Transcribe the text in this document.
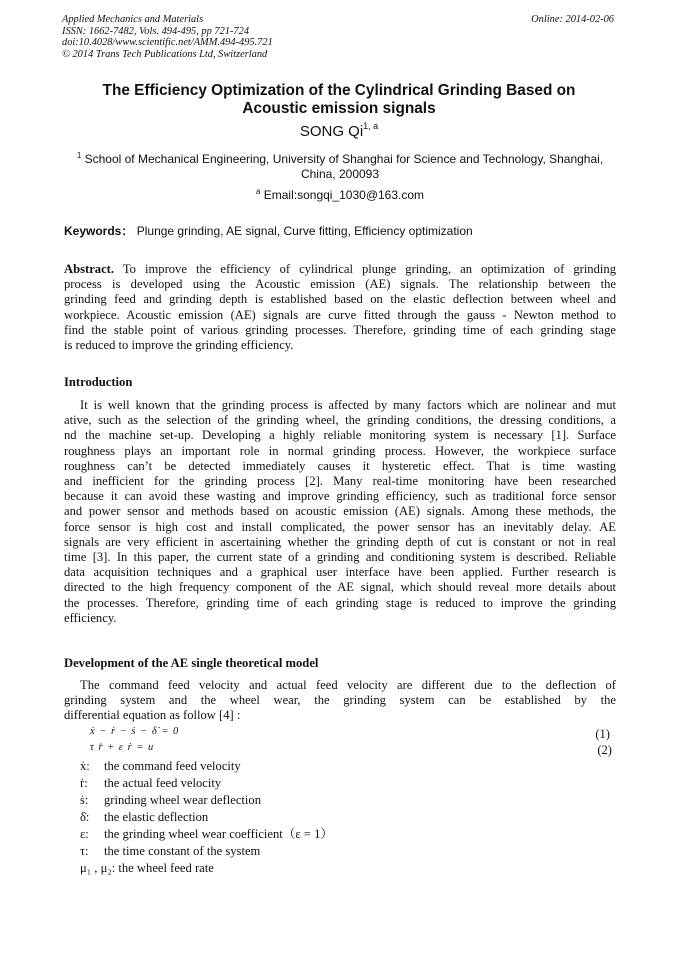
Applied Mechanics and Materials
ISSN: 1662-7482, Vols. 494-495, pp 721-724
doi:10.4028/www.scientific.net/AMM.494-495.721
© 2014 Trans Tech Publications Ltd, Switzerland
Online: 2014-02-06
The Efficiency Optimization of the Cylindrical Grinding Based on
Acoustic emission signals
SONG Qi$^{1, a}$
$^1$ School of Mechanical Engineering, University of Shanghai for Science and Technology, Shanghai,
China, 200093
$^a$ Email:songqi_1030@163.com
Keywords： Plunge grinding, AE signal, Curve fitting, Efficiency optimization
Abstract. To improve the efficiency of cylindrical plunge grinding, an optimization of grinding
process is developed using the Acoustic emission (AE) signals. The relationship between the
grinding feed and grinding depth is established based on the elastic deflection between wheel and
workpiece. Acoustic emission (AE) signals are curve fitted through the gauss - Newton method to
find the stable point of various grinding processes. Therefore, grinding time of each grinding stage
is reduced to improve the grinding efficiency.
Introduction
It is well known that the grinding process is affected by many factors which are nolinear and mut
ative, such as the selection of the grinding wheel, the grinding conditions, the dressing conditions, a
nd the machine set-up. Developing a highly reliable monitoring system is necessary [1]. Surface
roughness plays an important role in normal grinding process. However, the workpiece surface
roughness can’t be detected immediately causes it hysteretic effect. That is time wasting
and inefficient for the grinding process [2]. Many real-time monitoring have been researched
because it can avoid these wasting and improve grinding efficiency, such as traditional force sensor
and power sensor and methods based on acoustic emission (AE) signals. Among these methods, the
force sensor is high cost and install complicated, the power sensor has an inevitably delay. AE
signals are very efficient in ascertaining whether the grinding depth of cut is constant or not in real
time [3]. In this paper, the current state of a grinding and conditioning system is described. Reliable
data acquisition techniques and a graphical user interface have been applied. Further research is
directed to the high frequency component of the AE signal, which should reveal more details about
the processes. Therefore, grinding time of each grinding stage is reduced to improve the grinding
efficiency.
Development of the AE single theoretical model
The command feed velocity and actual feed velocity are different due to the deflection of
grinding system and the wheel wear, the grinding system can be established by the
differential equation as follow [4] :
ẋ − ṙ − ṡ − δ̇ = 0	(1)
τ r̈ + ε ṙ = u	(2)
ẋ: the command feed velocity
ṙ: the actual feed velocity
ṡ: grinding wheel wear deflection
δ̇: the elastic deflection
ε: the grinding wheel wear coefficient（ε = 1）
τ: the time constant of the system
μ₁ , μ₂: the wheel feed rate
